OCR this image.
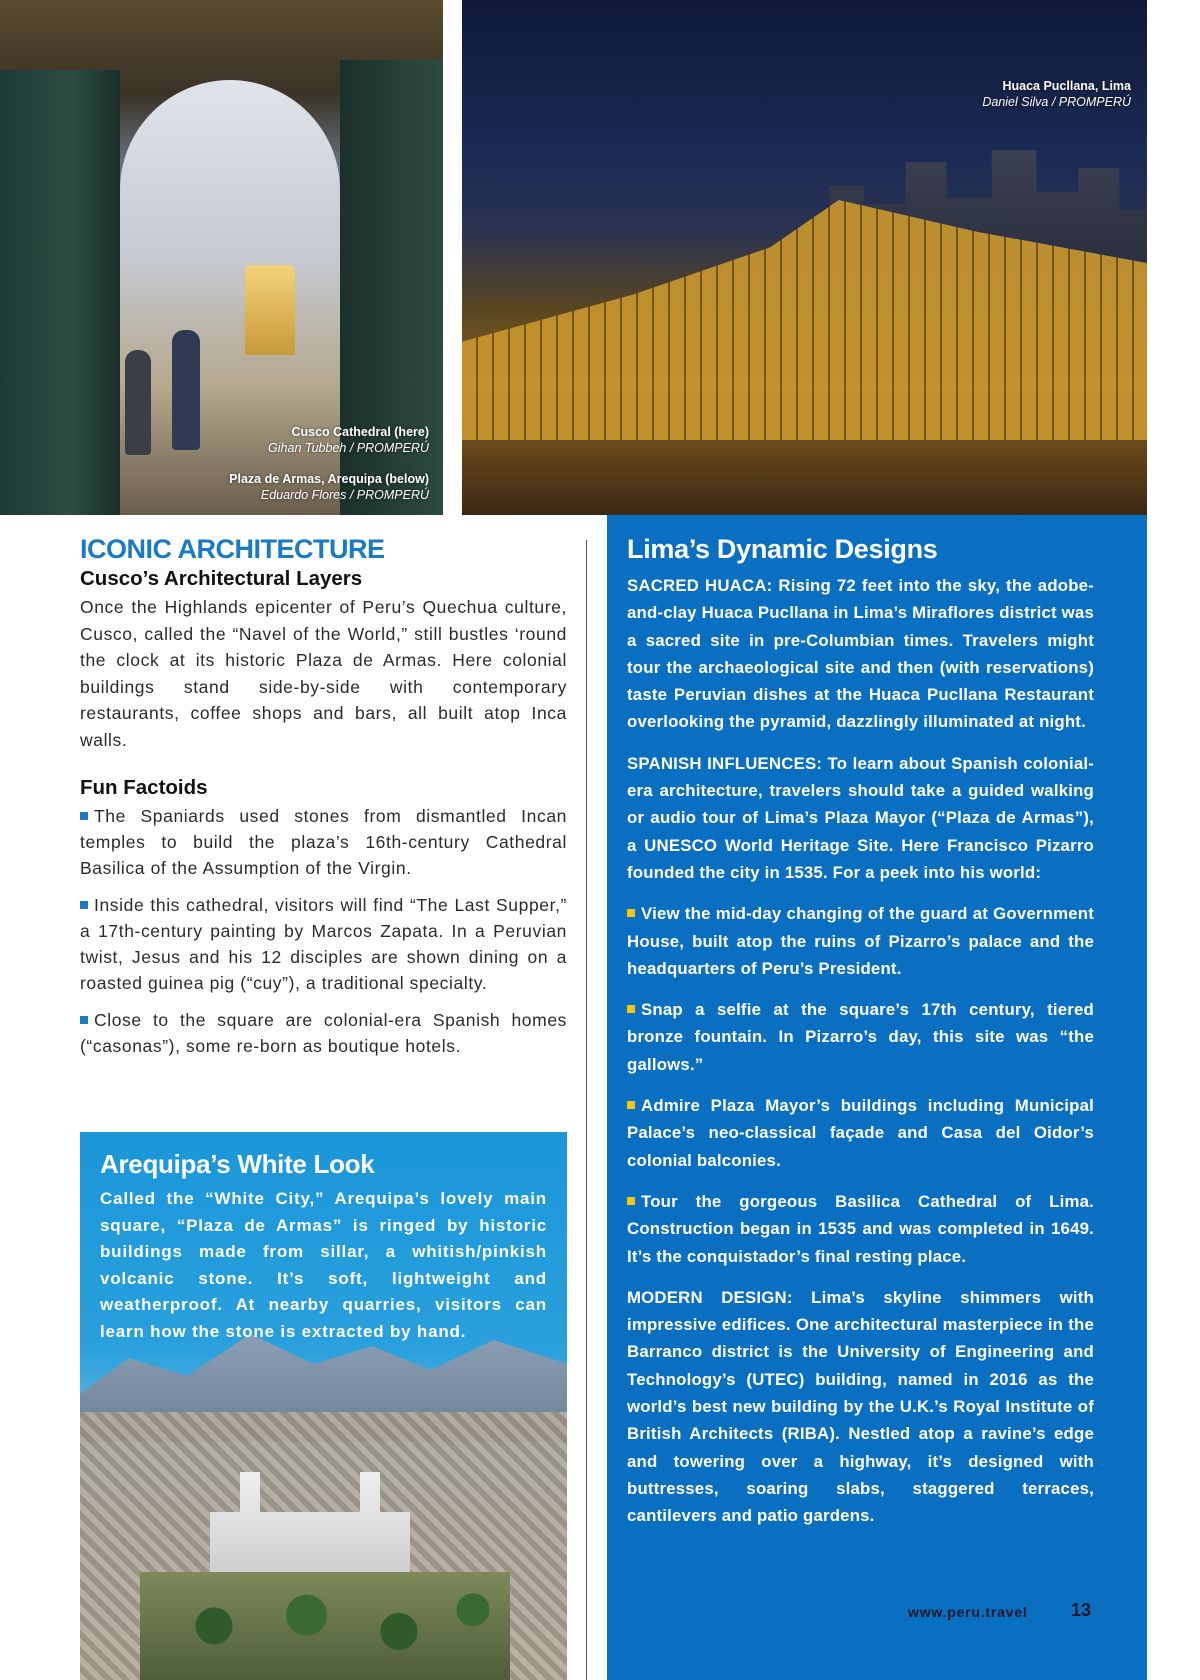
Cusco Cathedral (here)
Gihan Tubbeh / PROMPERÚ
Plaza de Armas, Arequipa (below)
Eduardo Flores / PROMPERÚ
Huaca Pucllana, Lima
Daniel Silva / PROMPERÚ
ICONIC ARCHITECTURE
Cusco’s Architectural Layers

Once the Highlands epicenter of Peru’s Quechua culture, Cusco, called the “Navel of the World,” still bustles ‘round the clock at its historic Plaza de Armas. Here colonial buildings stand side-by-side with contemporary restaurants, coffee shops and bars, all built atop Inca walls.

Fun Factoids

The Spaniards used stones from dismantled Incan temples to build the plaza’s 16th-century Cathedral Basilica of the Assumption of the Virgin.

Inside this cathedral, visitors will find “The Last Supper,” a 17th-century painting by Marcos Zapata. In a Peruvian twist, Jesus and his 12 disciples are shown dining on a roasted guinea pig (“cuy”), a traditional specialty.

Close to the square are colonial-era Spanish homes (“casonas”), some re-born as boutique hotels.

Arequipa’s White Look

Called the “White City,” Arequipa’s lovely main square, “Plaza de Armas” is ringed by historic buildings made from sillar, a whitish/pinkish volcanic stone. It’s soft, lightweight and weatherproof. At nearby quarries, visitors can learn how the stone is extracted by hand.

Lima’s Dynamic Designs

SACRED HUACA: Rising 72 feet into the sky, the adobe-and-clay Huaca Pucllana in Lima’s Miraflores district was a sacred site in pre-Columbian times. Travelers might tour the archaeological site and then (with reservations) taste Peruvian dishes at the Huaca Pucllana Restaurant overlooking the pyramid, dazzlingly illuminated at night.

SPANISH INFLUENCES: To learn about Spanish colonial-era architecture, travelers should take a guided walking or audio tour of Lima’s Plaza Mayor (“Plaza de Armas”), a UNESCO World Heritage Site. Here Francisco Pizarro founded the city in 1535. For a peek into his world:

View the mid-day changing of the guard at Government House, built atop the ruins of Pizarro’s palace and the headquarters of Peru’s President.

Snap a selfie at the square’s 17th century, tiered bronze fountain. In Pizarro’s day, this site was “the gallows.”

Admire Plaza Mayor’s buildings including Municipal Palace’s neo-classical façade and Casa del Oidor’s colonial balconies.

Tour the gorgeous Basilica Cathedral of Lima. Construction began in 1535 and was completed in 1649. It’s the conquistador’s final resting place.

MODERN DESIGN: Lima’s skyline shimmers with impressive edifices. One architectural masterpiece in the Barranco district is the University of Engineering and Technology’s (UTEC) building, named in 2016 as the world’s best new building by the U.K.’s Royal Institute of British Architects (RIBA). Nestled atop a ravine’s edge and towering over a highway, it’s designed with buttresses, soaring slabs, staggered terraces, cantilevers and patio gardens.

www.peru.travel 13
